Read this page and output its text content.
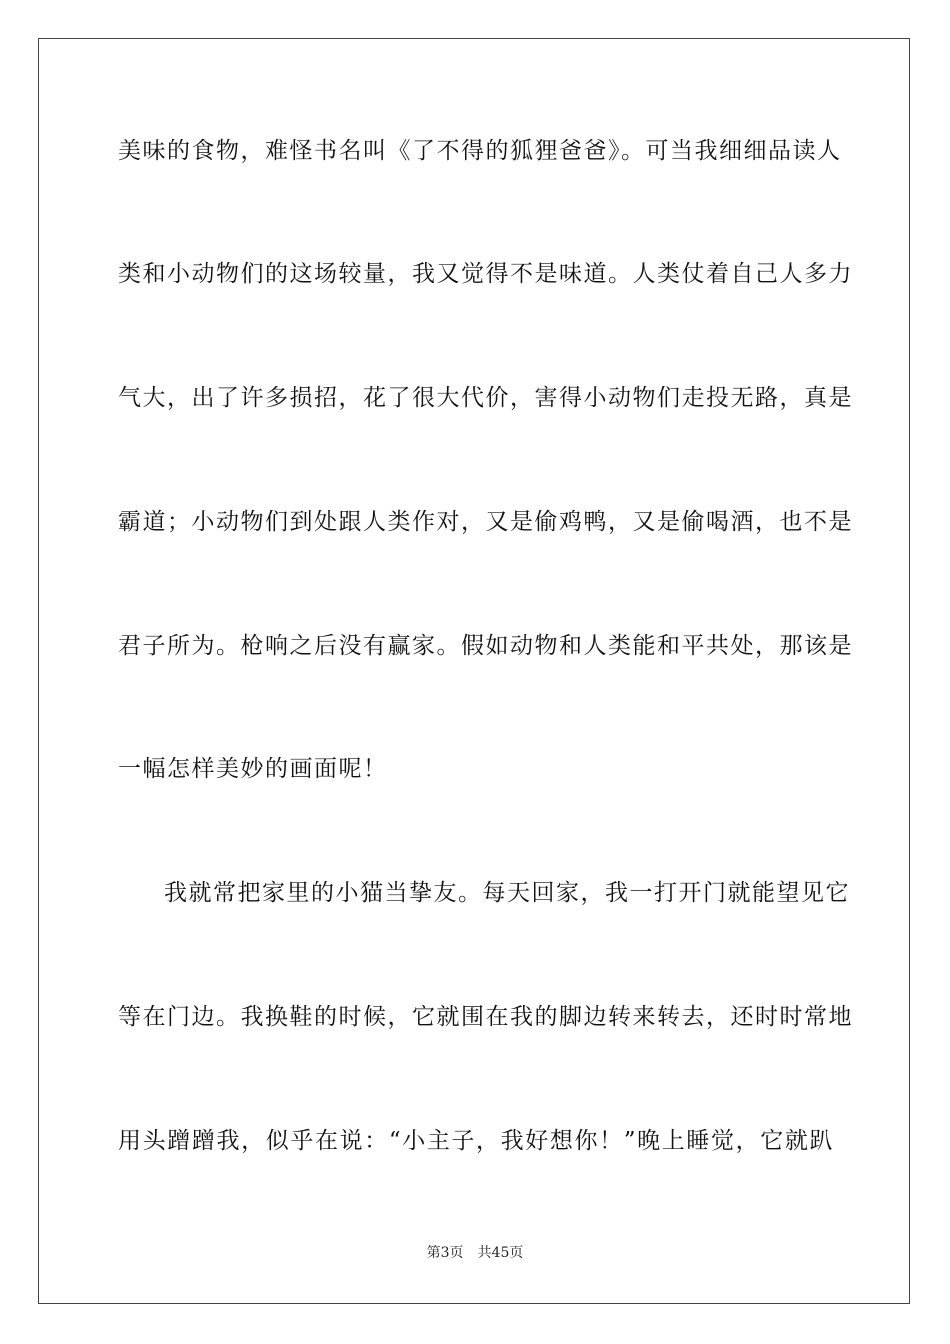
美味的食物，难怪书名叫《了不得的狐狸爸爸》。可当我细细品读人
类和小动物们的这场较量，我又觉得不是味道。人类仗着自己人多力
气大，出了许多损招，花了很大代价，害得小动物们走投无路，真是
霸道；小动物们到处跟人类作对，又是偷鸡鸭，又是偷喝酒，也不是
君子所为。枪响之后没有赢家。假如动物和人类能和平共处，那该是
一幅怎样美妙的画面呢！
我就常把家里的小猫当挚友。每天回家，我一打开门就能望见它
等在门边。我换鞋的时候，它就围在我的脚边转来转去，还时时常地
用头蹭蹭我，似乎在说：“小主子，我好想你！”晚上睡觉，它就趴
第3页 共45页
